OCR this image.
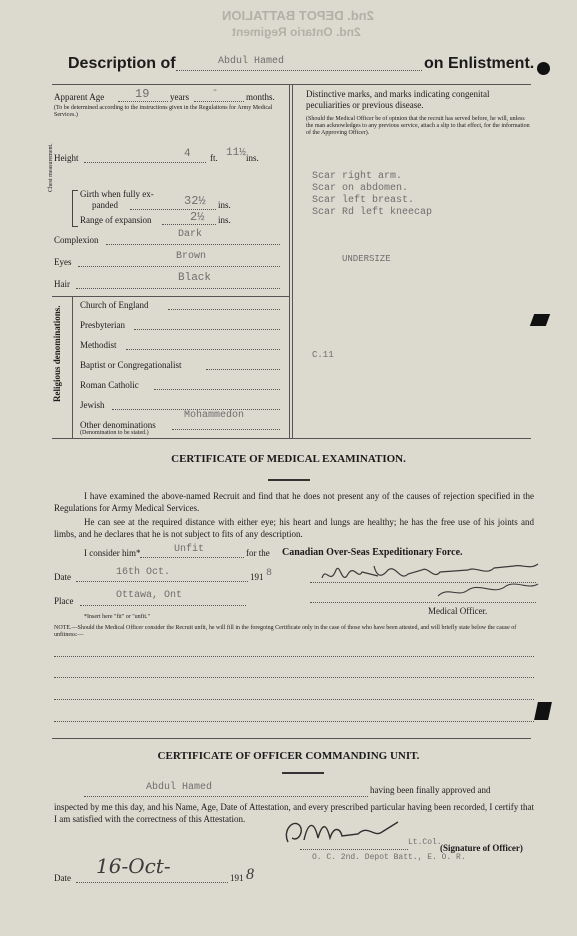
2nd. DEPOT BATTALION
2nd. Ontario Regiment
Description of	Abdul Hamed	on Enlistment.
Apparent Age	19 years -	months.
(To be determined according to the instructions given in the Regulations for Army Medical Services.)
Distinctive marks, and marks indicating congenital peculiarities or previous disease.
(Should the Medical Officer be of opinion that the recruit has served before, he will, unless the man acknowledges to any previous service, attach a slip to that effect, for the information of the Approving Officer).
Scar right arm.
Scar on abdomen.
Scar left breast.
Scar Rd left kneecap
UNDERSIZE
C.11
Height	4 ft. 11½ ins.
Chest measurement.
Girth when fully ex-
panded	32½ ins.
Range of expansion	2½ ins.
Complexion	Dark
Eyes	Brown
Hair	Black
Religious denominations.
Church of England
Presbyterian
Methodist
Baptist or Congregationalist
Roman Catholic
Jewish
Mohammedon
Other denominations
(Denomination to be stated.)
CERTIFICATE OF MEDICAL EXAMINATION.
I have examined the above-named Recruit and find that he does not present any of the causes of rejection specified in the Regulations for Army Medical Services.
He can see at the required distance with either eye; his heart and lungs are healthy; he has the free use of his joints and limbs, and he declares that he is not subject to fits of any description.
I consider him*	Unfit	for the Canadian Over-Seas Expeditionary Force.
Date	16th Oct.	191 8
Place	Ottawa, Ont
Medical Officer.
*Insert here "fit" or "unfit."
NOTE.—Should the Medical Officer consider the Recruit unfit, he will fill in the foregoing Certificate only in the case of those who have been attested, and will briefly state below the cause of unfitness:—
CERTIFICATE OF OFFICER COMMANDING UNIT.
Abdul Hamed	having been finally approved and
inspected by me this day, and his Name, Age, Date of Attestation, and every prescribed particular having been recorded, I certify that I am satisfied with the correctness of this Attestation.
Lt.Col.
(Signature of Officer)
O. C. 2nd. Depot Batt., E. O. R.
Date 16-Oct-	191 8
